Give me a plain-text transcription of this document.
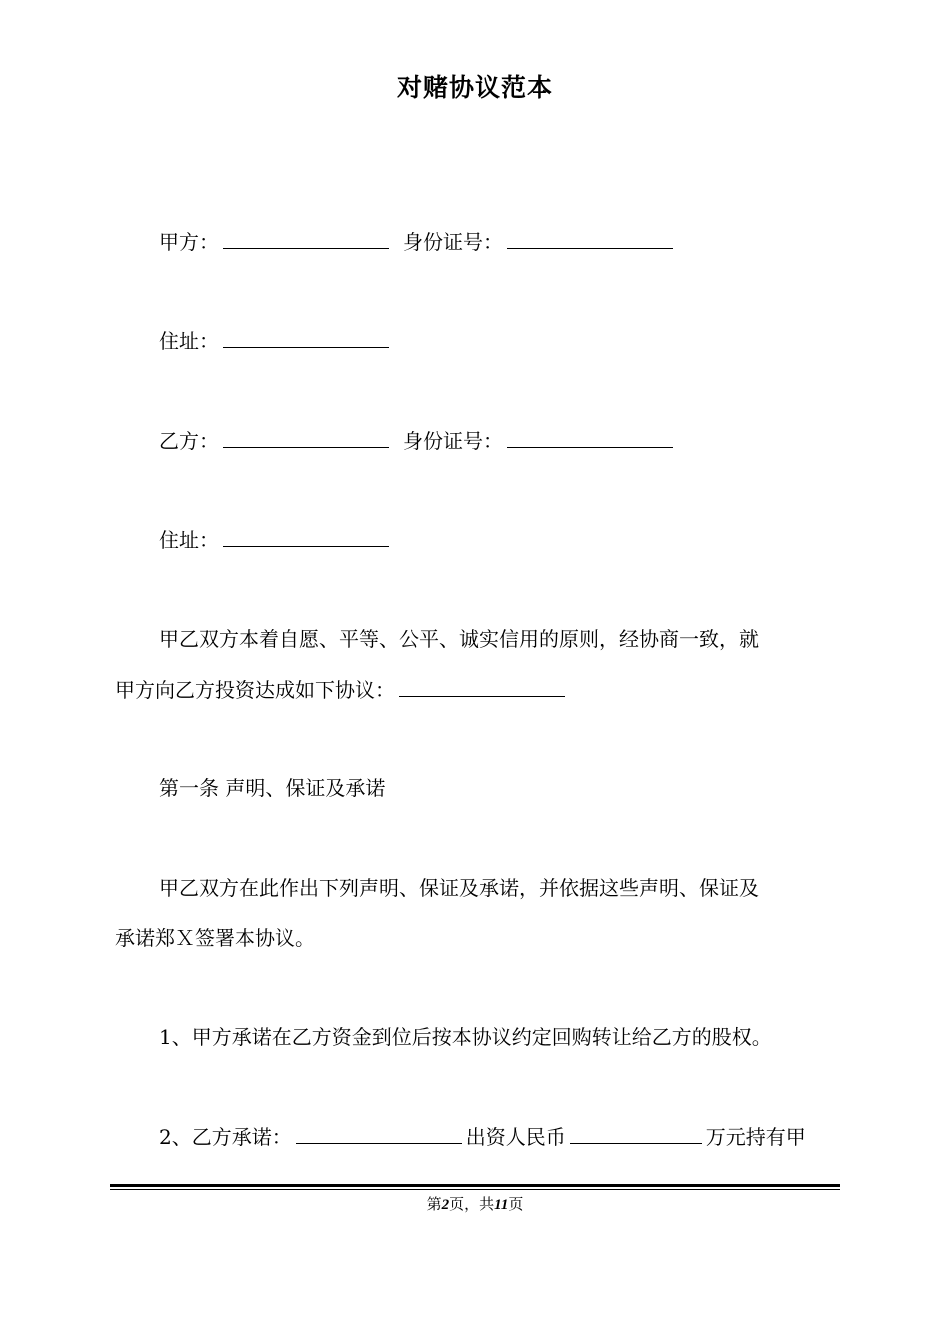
对赌协议范本
甲方：	身份证号：
住址：
乙方：	身份证号：
住址：
甲乙双方本着自愿、平等、公平、诚实信用的原则，经协商一致，就
甲方向乙方投资达成如下协议：
第一条 声明、保证及承诺
甲乙双方在此作出下列声明、保证及承诺，并依据这些声明、保证及
承诺郑Ｘ签署本协议。
1、甲方承诺在乙方资金到位后按本协议约定回购转让给乙方的股权。
2、乙方承诺：	出资人民币	万元持有甲
第2页，共11页
